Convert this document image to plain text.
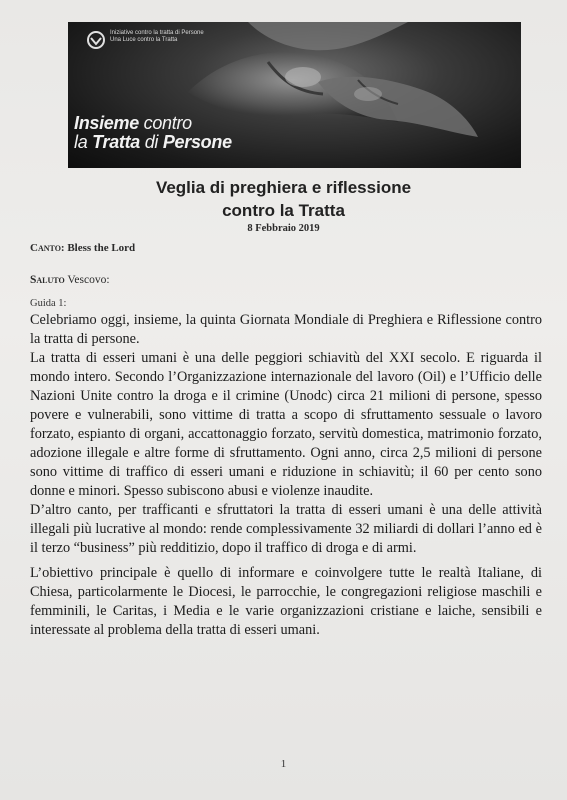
Iniziative contro la tratta di Persone
Una Luce contro la Tratta
Insieme contro
la Tratta di Persone
Veglia di preghiera e riflessione
contro la Tratta
8 Febbraio 2019
Canto: Bless the Lord
Saluto Vescovo:
Guida 1:

Celebriamo oggi, insieme, la quinta Giornata Mondiale di Preghiera e Riflessione contro la tratta di persone.

La tratta di esseri umani è una delle peggiori schiavitù del XXI secolo. E riguarda il mondo intero. Secondo l’Organizzazione internazionale del lavoro (Oil) e l’Ufficio delle Nazioni Unite contro la droga e il crimine (Unodc) circa 21 milioni di persone, spesso povere e vulnerabili, sono vittime di tratta a scopo di sfruttamento sessuale o lavoro forzato, espianto di organi, accattonaggio forzato, servitù domestica, matrimonio forzato, adozione illegale e altre forme di sfruttamento. Ogni anno, circa 2,5 milioni di persone sono vittime di traffico di esseri umani e riduzione in schiavitù; il 60 per cento sono donne e minori. Spesso subiscono abusi e violenze inaudite.

D’altro canto, per trafficanti e sfruttatori la tratta di esseri umani è una delle attività illegali più lucrative al mondo: rende complessivamente 32 miliardi di dollari l’anno ed è il terzo “business” più redditizio, dopo il traffico di droga e di armi.

L’obiettivo principale è quello di informare e coinvolgere tutte le realtà Italiane, di Chiesa, particolarmente le Diocesi, le parrocchie, le congregazioni religiose maschili e femminili, le Caritas, i Media e le varie organizzazioni cristiane e laiche, sensibili e interessate al problema della tratta di esseri umani.

1
